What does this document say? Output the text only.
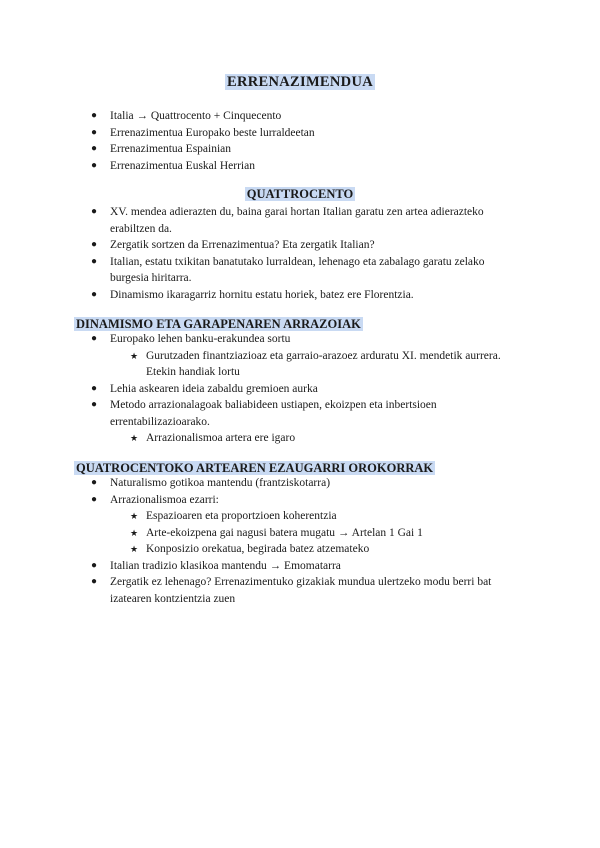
ERRENAZIMENDUA
● Italia → Quattrocento + Cinquecento
● Errenazimentua Europako beste lurraldeetan
● Errenazimentua Espainian
● Errenazimentua Euskal Herrian
QUATTROCENTO
● XV. mendea adierazten du, baina garai hortan Italian garatu zen artea adierazteko erabiltzen da.
● Zergatik sortzen da Errenazimentua? Eta zergatik Italian?
● Italian, estatu txikitan banatutako lurraldean, lehenago eta zabalago garatu zelako burgesia hiritarra.
● Dinamismo ikaragarriz hornitu estatu horiek, batez ere Florentzia.
DINAMISMO ETA GARAPENAREN ARRAZOIAK
● Europako lehen banku-erakundea sortu
★ Gurutzaden finantziazioaz eta garraio-arazoez arduratu XI. mendetik aurrera. Etekin handiak lortu
● Lehia askearen ideia zabaldu gremioen aurka
● Metodo arrazionalagoak baliabideen ustiapen, ekoizpen eta inbertsioen errentabilizazioarako.
★ Arrazionalismoa artera ere igaro
QUATROCENTOKO ARTEAREN EZAUGARRI OROKORRAK
● Naturalismo gotikoa mantendu (frantziskotarra)
● Arrazionalismoa ezarri:
★ Espazioaren eta proportzioen koherentzia
★ Arte-ekoizpena gai nagusi batera mugatu → Artelan 1 Gai 1
★ Konposizio orekatua, begirada batez atzemateko
● Italian tradizio klasikoa mantendu → Emomatarra
● Zergatik ez lehenago? Errenazimentuko gizakiak mundua ulertzeko modu berri bat izatearen kontzientzia zuen
